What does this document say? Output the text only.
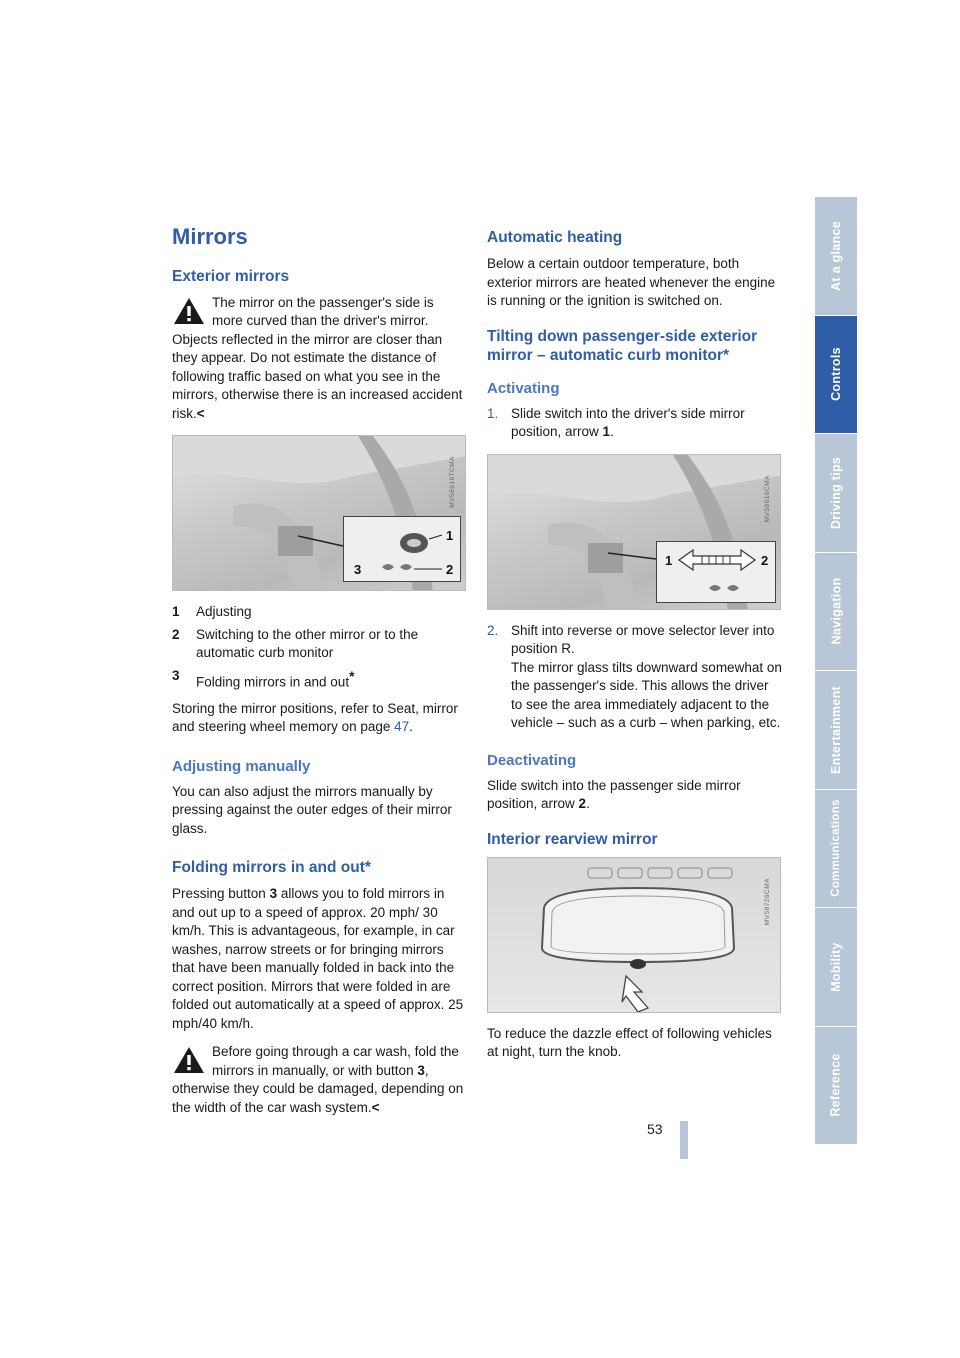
At a glance
Controls
Driving tips
Navigation
Entertainment
Communications
Mobility
Reference
Mirrors
Exterior mirrors
The mirror on the passenger's side is more curved than the driver's mirror. Objects reflected in the mirror are closer than they appear. Do not estimate the distance of following traffic based on what you see in the mirrors, otherwise there is an increased accident risk.<
1
2
3
MV58616TCMA
1 Adjusting
2 Switching to the other mirror or to the automatic curb monitor
3 Folding mirrors in and out*

Storing the mirror positions, refer to Seat, mirror and steering wheel memory on page 47.

Adjusting manually

You can also adjust the mirrors manually by pressing against the outer edges of their mirror glass.

Folding mirrors in and out*

Pressing button 3 allows you to fold mirrors in and out up to a speed of approx. 20 mph/ 30 km/h. This is advantageous, for example, in car washes, narrow streets or for bringing mirrors that have been manually folded in back into the correct position. Mirrors that were folded in are folded out automatically at a speed of approx. 25 mph/40 km/h.

Before going through a car wash, fold the mirrors in manually, or with button 3, otherwise they could be damaged, depending on the width of the car wash system.<
Automatic heating

Below a certain outdoor temperature, both exterior mirrors are heated whenever the engine is running or the ignition is switched on.

Tilting down passenger-side exterior mirror – automatic curb monitor*
Activating
1. Slide switch into the driver's side mirror position, arrow 1.
1	2
MV58616CMA
2. Shift into reverse or move selector lever into position R.
The mirror glass tilts downward somewhat on the passenger's side. This allows the driver to see the area immediately adjacent to the vehicle – such as a curb – when parking, etc.
Deactivating

Slide switch into the passenger side mirror position, arrow 2.

Interior rearview mirror
MV58726CMA

To reduce the dazzle effect of following vehicles at night, turn the knob.

53
